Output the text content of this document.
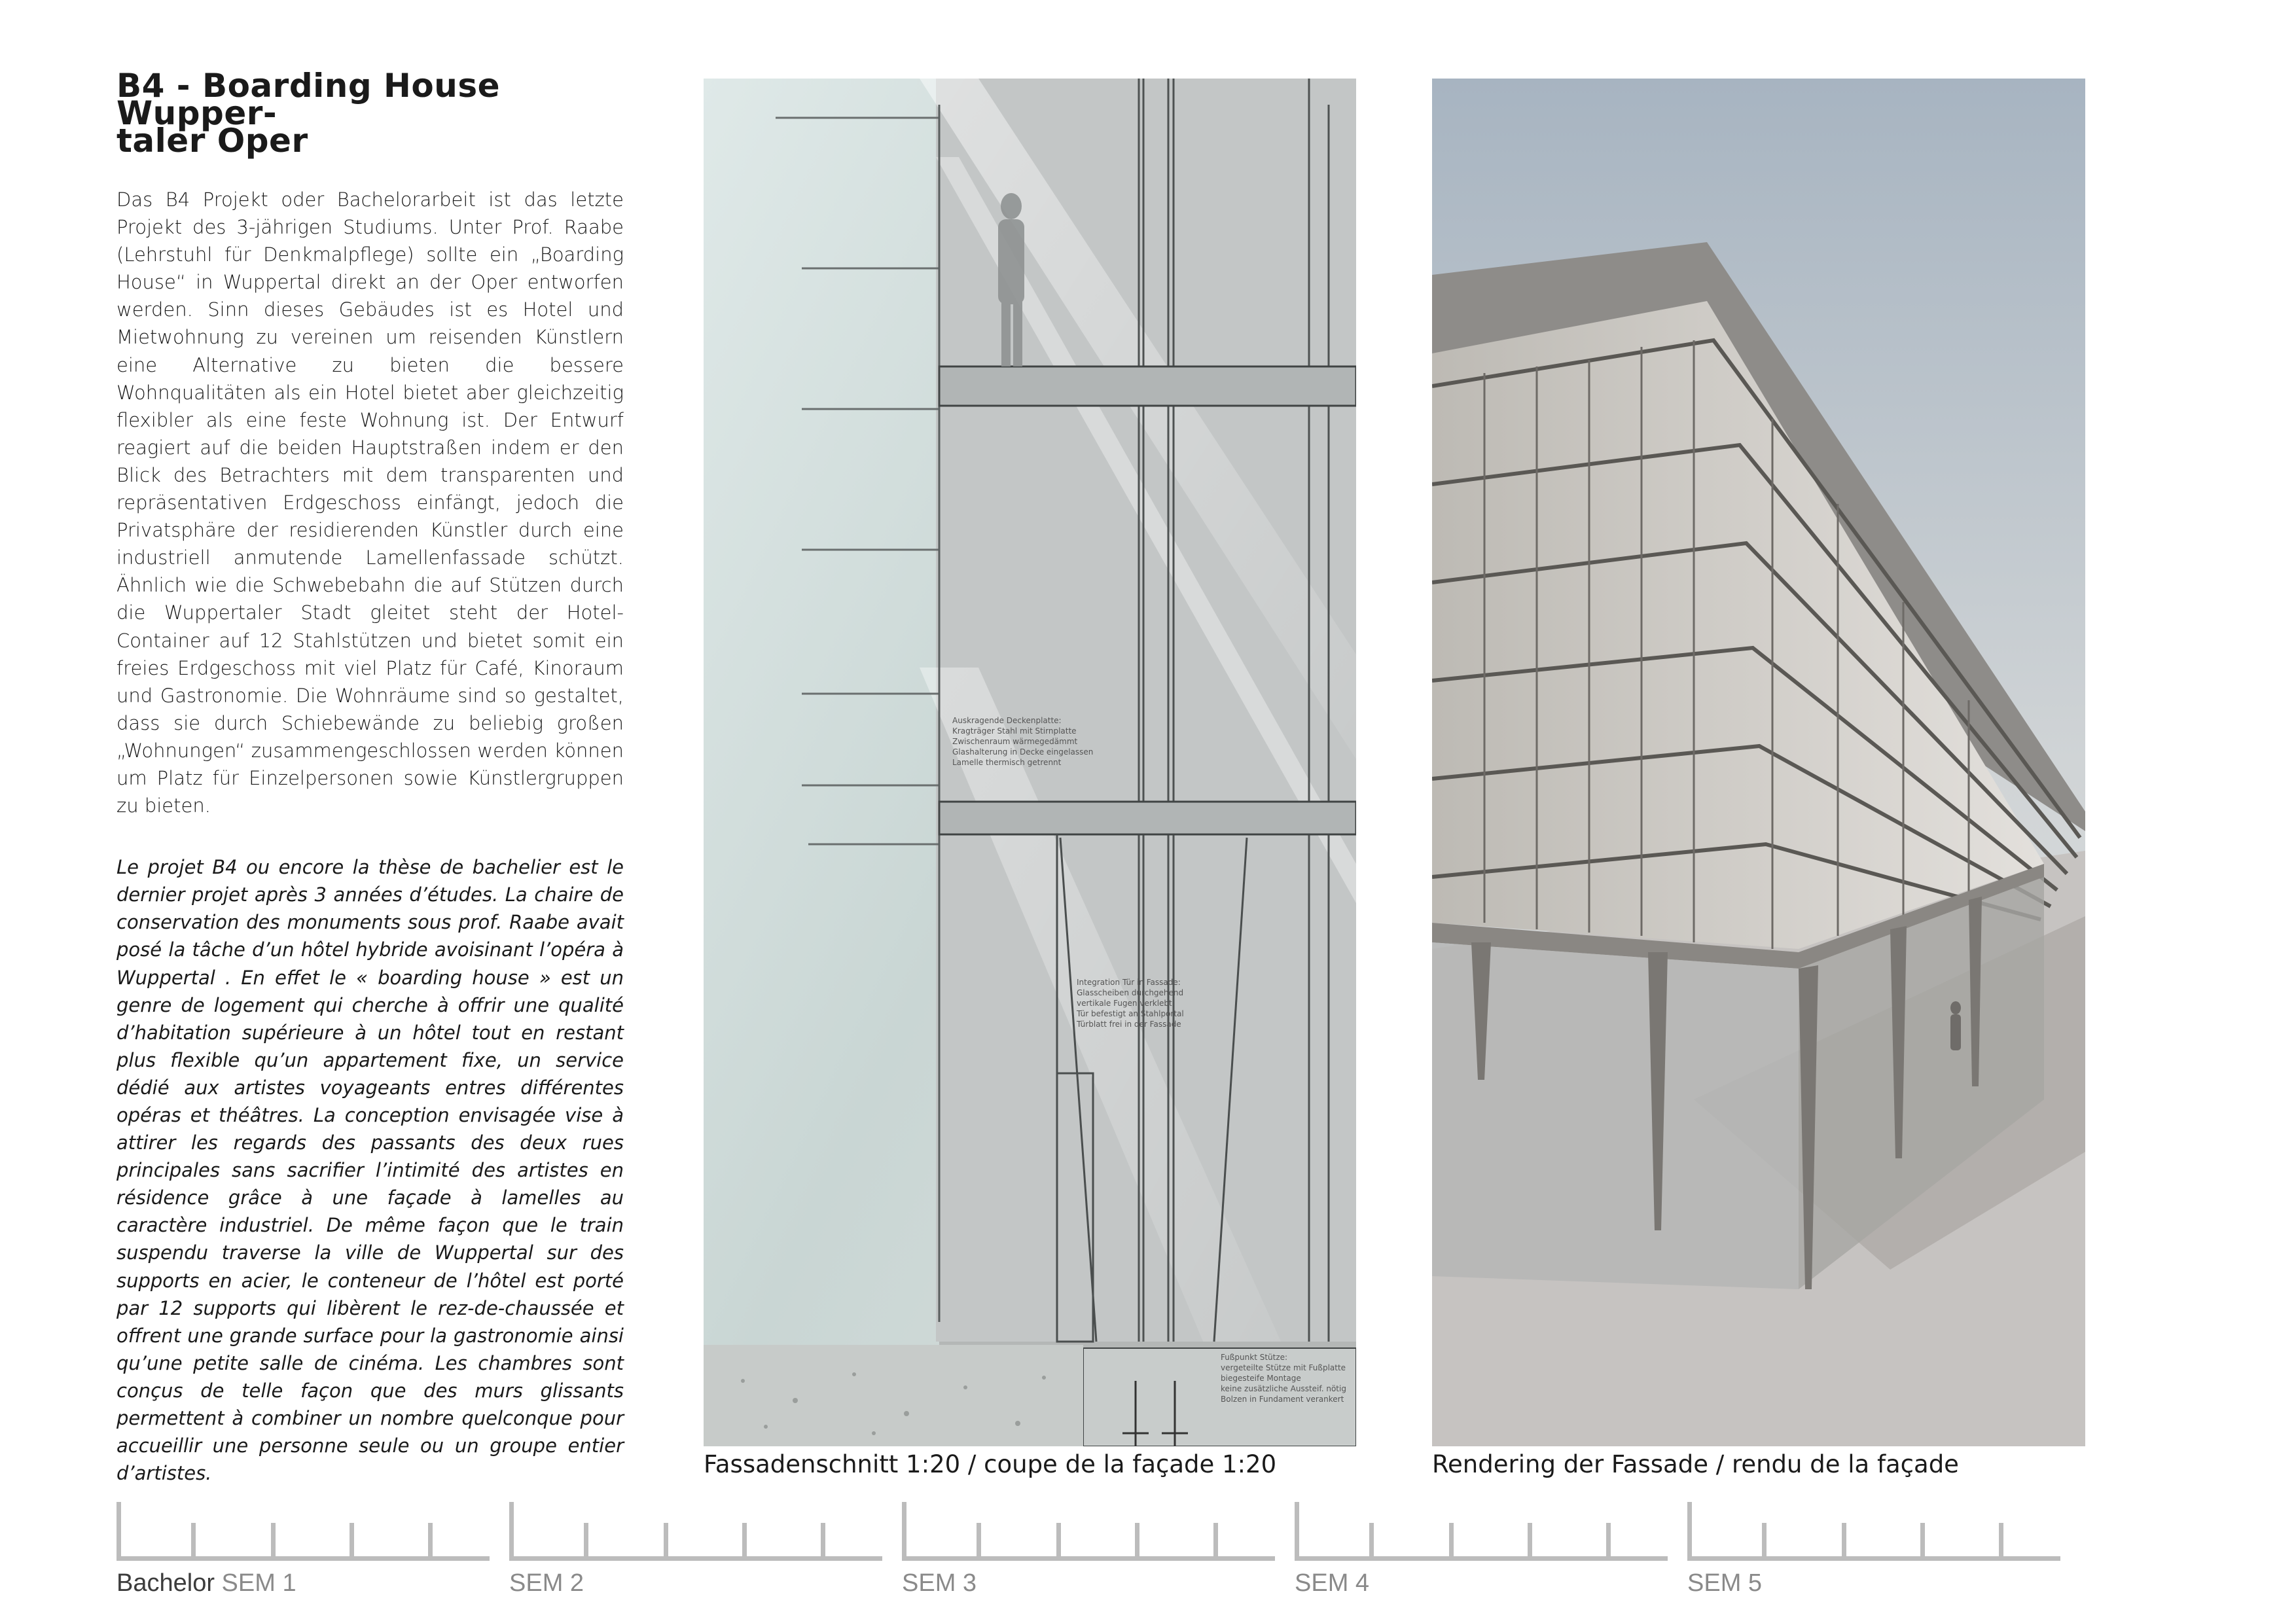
B4 - Boarding House Wupper-
taler Oper

Das B4 Projekt oder Bachelorarbeit ist das letzte Projekt des 3-jährigen Studiums. Unter Prof. Raabe (Lehrstuhl für Denkmalpflege) sollte ein „Boarding House“ in Wuppertal direkt an der Oper entworfen werden. Sinn dieses Gebäudes ist es Hotel und Mietwohnung zu vereinen um reisenden Künstlern eine Alternative zu bieten die bessere Wohnqualitäten als ein Hotel bietet aber gleichzeitig flexibler als eine feste Wohnung ist. Der Entwurf reagiert auf die beiden Hauptstraßen indem er den Blick des Betrachters mit dem transparenten und repräsentativen Erdgeschoss einfängt, jedoch die Privatsphäre der residierenden Künstler durch eine industriell anmutende Lamellenfassade schützt. Ähnlich wie die Schwebebahn die auf Stützen durch die Wuppertaler Stadt gleitet steht der Hotel-Container auf 12 Stahlstützen und bietet somit ein freies Erdgeschoss mit viel Platz für Café, Kinoraum und Gastronomie. Die Wohnräume sind so gestaltet, dass sie durch Schiebewände zu beliebig großen „Wohnungen“ zusammengeschlossen werden können um Platz für Einzelpersonen sowie Künstlergruppen zu bieten.

Le projet B4 ou encore la thèse de bachelier est le dernier projet après 3 années d’études. La chaire de conservation des monuments sous prof. Raabe avait posé la tâche d’un hôtel hybride avoisinant l’opéra à Wuppertal . En effet le « boarding house » est un genre de logement qui cherche à offrir une qualité d’habitation supérieure à un hôtel tout en restant plus flexible qu’un appartement fixe, un service dédié aux artistes voyageants entres différentes opéras et théâtres. La conception envisagée vise à attirer les regards des passants des deux rues principales sans sacrifier l’intimité des artistes en résidence grâce à une façade à lamelles au caractère industriel. De même façon que le train suspendu traverse la ville de Wuppertal sur des supports en acier, le conteneur de l’hôtel est porté par 12 supports qui libèrent le rez-de-chaussée et offrent une grande surface pour la gastronomie ainsi qu’une petite salle de cinéma. Les chambres sont conçus de telle façon que des murs glissants permettent à combiner un nombre quelconque pour accueillir une personne seule ou un groupe entier d’artistes.

Auskragende Deckenplatte:
Kragträger Stahl mit Stirnplatte
Zwischenraum wärmegedämmt
Glashalterung in Decke eingelassen
Lamelle thermisch getrennt
Integration Tür in Fassade:
Glasscheiben durchgehend
vertikale Fugen verklebt
Tür befestigt an Stahlportal
Türblatt frei in der Fassade
Fußpunkt Stütze:
vergeteilte Stütze mit Fußplatte
biegesteife Montage
keine zusätzliche Aussteif. nötig
Bolzen in Fundament verankert
Fassadenschnitt 1:20 / coupe de la façade 1:20	Rendering der Fassade / rendu de la façade
Bachelor SEM 1	SEM 2	SEM 3	SEM 4	SEM 5
